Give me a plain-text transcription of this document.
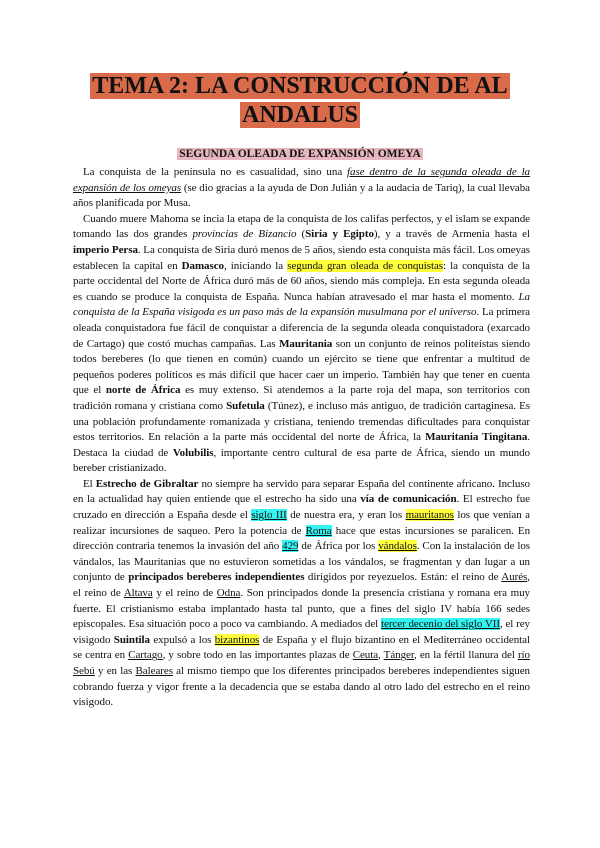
TEMA 2: LA CONSTRUCCIÓN DE AL
ANDALUS
SEGUNDA OLEADA DE EXPANSIÓN OMEYA

La conquista de la península no es casualidad, sino una fase dentro de la segunda oleada de la expansión de los omeyas (se dio gracias a la ayuda de Don Julián y a la audacia de Tariq), la cual llevaba años planificada por Musa.

Cuando muere Mahoma se incia la etapa de la conquista de los califas perfectos, y el islam se expande tomando las dos grandes provincias de Bizancio (Siria y Egipto), y a través de Armenia hasta el imperio Persa. La conquista de Siria duró menos de 5 años, siendo esta conquista más fácil. Los omeyas establecen la capital en Damasco, iniciando la segunda gran oleada de conquistas: la conquista de la parte occidental del Norte de África duró más de 60 años, siendo más compleja. En esta segunda oleada es cuando se produce la conquista de España. Nunca habían atravesado el mar hasta el momento. La conquista de la España visigoda es un paso más de la expansión musulmana por el universo. La primera oleada conquistadora fue fácil de conquistar a diferencia de la segunda oleada conquistadora (exarcado de Cartago) que costó muchas campañas. Las Mauritania son un conjunto de reinos politeístas siendo todos bereberes (lo que tienen en común) cuando un ejército se tiene que enfrentar a multitud de pequeños poderes políticos es más difícil que hacer caer un imperio. También hay que tener en cuenta que el norte de África es muy extenso. Si atendemos a la parte roja del mapa, son territorios con tradición romana y cristiana como Sufetula (Túnez), e incluso más antiguo, de tradición cartaginesa. Es una población profundamente romanizada y cristiana, teniendo tremendas dificultades para conquistar estos territorios. En relación a la parte más occidental del norte de África, la Mauritania Tingitana. Destaca la ciudad de Volubilis, importante centro cultural de esa parte de África, siendo un mundo bereber cristianizado.

El Estrecho de Gibraltar no siempre ha servido para separar España del continente africano. Incluso en la actualidad hay quien entiende que el estrecho ha sido una vía de comunicación. El estrecho fue cruzado en dirección a España desde el siglo III de nuestra era, y eran los mauritanos los que venían a realizar incursiones de saqueo. Pero la potencia de Roma hace que estas incursiones se paralicen. En dirección contraria tenemos la invasión del año 429 de África por los vándalos. Con la instalación de los vándalos, las Mauritanias que no estuvieron sometidas a los vándalos, se fragmentan y dan lugar a un conjunto de principados bereberes independientes dirigidos por reyezuelos. Están: el reino de Aurés, el reino de Altava y el reino de Odna. Son principados donde la presencia cristiana y romana era muy fuerte. El cristianismo estaba implantado hasta tal punto, que a fines del siglo IV había 166 sedes episcopales. Esa situación poco a poco va cambiando. A mediados del tercer decenio del siglo VII, el rey visigodo Suintila expulsó a los bizantinos de España y el flujo bizantino en el Mediterráneo occidental se centra en Cartago, y sobre todo en las importantes plazas de Ceuta, Tánger, en la fértil llanura del río Sebú y en las Baleares al mismo tiempo que los diferentes principados bereberes independientes siguen cobrando fuerza y vigor frente a la decadencia que se estaba dando al otro lado del estrecho en el reino visigodo.
